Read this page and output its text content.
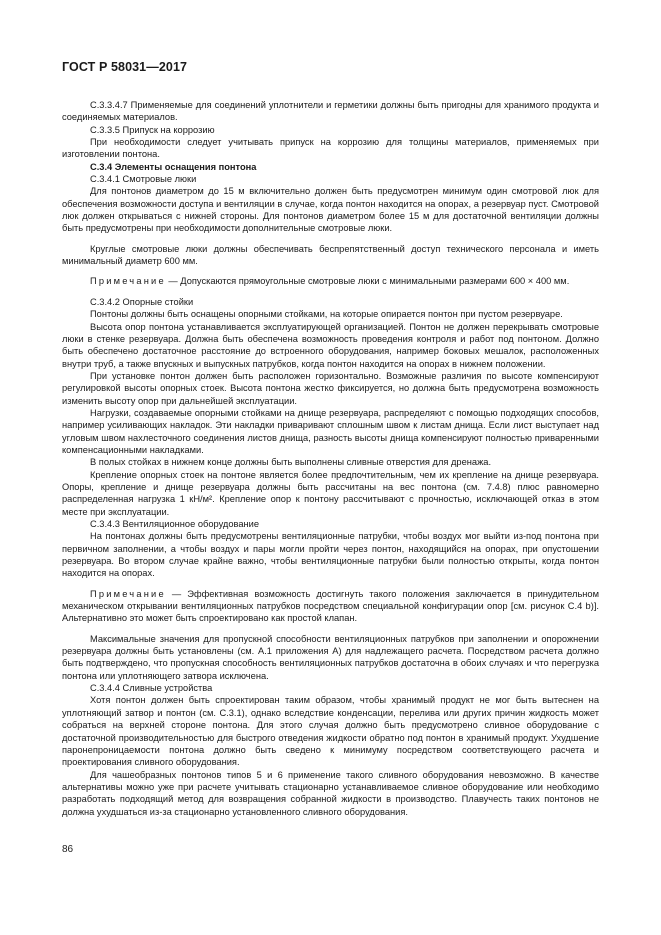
ГОСТ Р 58031—2017

С.3.3.4.7 Применяемые для соединений уплотнители и герметики должны быть пригодны для хранимого продукта и соединяемых материалов.

С.3.3.5 Припуск на коррозию

При необходимости следует учитывать припуск на коррозию для толщины материалов, применяемых при изготовлении понтона.

С.3.4 Элементы оснащения понтона

С.3.4.1 Смотровые люки

Для понтонов диаметром до 15 м включительно должен быть предусмотрен минимум один смотровой люк для обеспечения возможности доступа и вентиляции в случае, когда понтон находится на опорах, а резервуар пуст. Смотровой люк должен открываться с нижней стороны. Для понтонов диаметром более 15 м для достаточной вентиляции должны быть предусмотрены при необходимости дополнительные смотровые люки.

Круглые смотровые люки должны обеспечивать беспрепятственный доступ технического персонала и иметь минимальный диаметр 600 мм.

Примечание — Допускаются прямоугольные смотровые люки с минимальными размерами 600 × 400 мм.

С.3.4.2 Опорные стойки

Понтоны должны быть оснащены опорными стойками, на которые опирается понтон при пустом резервуаре.

Высота опор понтона устанавливается эксплуатирующей организацией. Понтон не должен перекрывать смотровые люки в стенке резервуара. Должна быть обеспечена возможность проведения контроля и работ под понтоном. Должно быть обеспечено достаточное расстояние до встроенного оборудования, например боковых мешалок, расположенных внутри труб, а также впускных и выпускных патрубков, когда понтон находится на опорах в нижнем положении.

При установке понтон должен быть расположен горизонтально. Возможные различия по высоте компенсируют регулировкой высоты опорных стоек. Высота понтона жестко фиксируется, но должна быть предусмотрена возможность изменить высоту опор при дальнейшей эксплуатации.

Нагрузки, создаваемые опорными стойками на днище резервуара, распределяют с помощью подходящих способов, например усиливающих накладок. Эти накладки приваривают сплошным швом к листам днища. Если лист выступает над угловым швом нахлесточного соединения листов днища, разность высоты днища компенсируют полностью приваренными компенсационными накладками.

В полых стойках в нижнем конце должны быть выполнены сливные отверстия для дренажа.

Крепление опорных стоек на понтоне является более предпочтительным, чем их крепление на днище резервуара. Опоры, крепление и днище резервуара должны быть рассчитаны на вес понтона (см. 7.4.8) плюс равномерно распределенная нагрузка 1 кН/м². Крепление опор к понтону рассчитывают с прочностью, исключающей отказ в этом месте при эксплуатации.

С.3.4.3 Вентиляционное оборудование

На понтонах должны быть предусмотрены вентиляционные патрубки, чтобы воздух мог выйти из-под понтона при первичном заполнении, а чтобы воздух и пары могли пройти через понтон, находящийся на опорах, при опустошении резервуара. Во втором случае крайне важно, чтобы вентиляционные патрубки были полностью открыты, когда понтон находится на опорах.

Примечание — Эффективная возможность достигнуть такого положения заключается в принудительном механическом открывании вентиляционных патрубков посредством специальной конфигурации опор [см. рисунок С.4 b)]. Альтернативно это может быть спроектировано как простой клапан.

Максимальные значения для пропускной способности вентиляционных патрубков при заполнении и опорожнении резервуара должны быть установлены (см. А.1 приложения А) для надлежащего расчета. Посредством расчета должно быть подтверждено, что пропускная способность вентиляционных патрубков достаточна в обоих случаях и что перегрузка понтона или уплотняющего затвора исключена.

С.3.4.4 Сливные устройства

Хотя понтон должен быть спроектирован таким образом, чтобы хранимый продукт не мог быть вытеснен на уплотняющий затвор и понтон (см. С.3.1), однако вследствие конденсации, перелива или других причин жидкость может собраться на верхней стороне понтона. Для этого случая должно быть предусмотрено сливное оборудование с достаточной производительностью для быстрого отведения жидкости обратно под понтон в хранимый продукт. Ухудшение паронепроницаемости понтона должно быть сведено к минимуму посредством соответствующего расчета и проектирования сливного оборудования.

Для чашеобразных понтонов типов 5 и 6 применение такого сливного оборудования невозможно. В качестве альтернативы можно уже при расчете учитывать стационарно устанавливаемое сливное оборудование или необходимо разработать подходящий метод для возвращения собранной жидкости в производство. Плавучесть таких понтонов не должна ухудшаться из-за стационарно установленного сливного оборудования.

86
